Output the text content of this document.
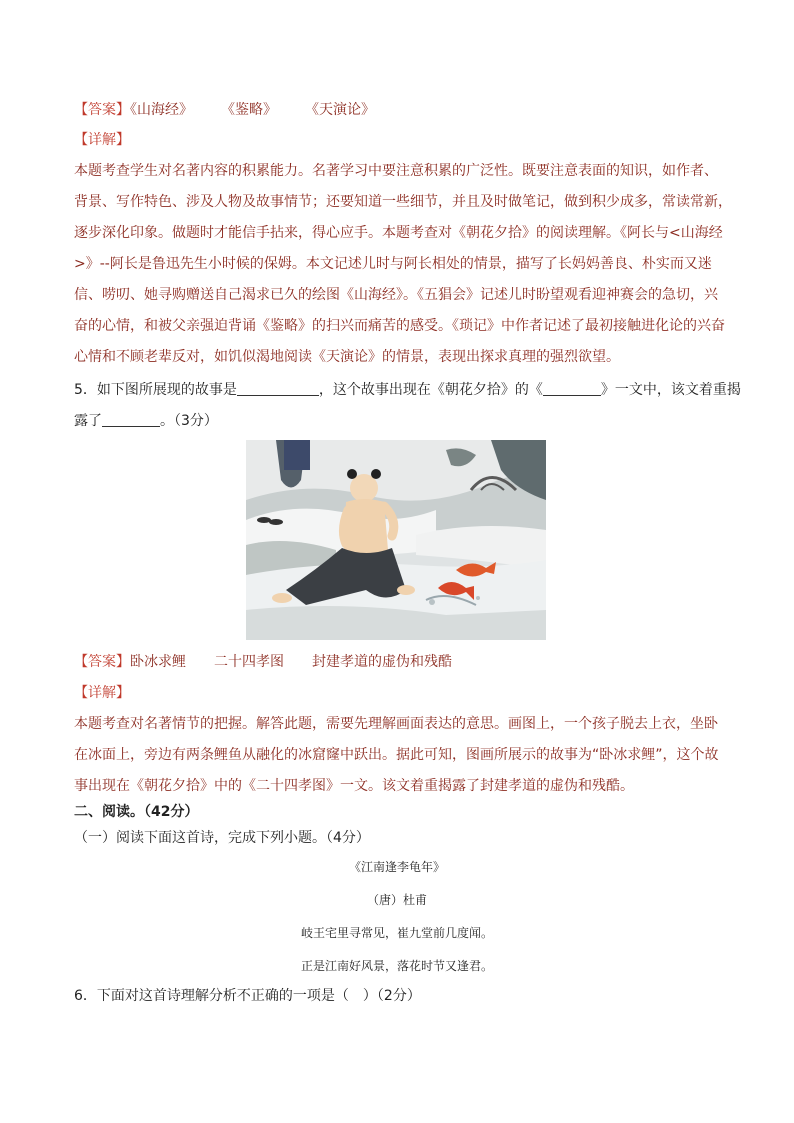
【答案】《山海经》 《鉴略》 《天演论》
【详解】
本题考查学生对名著内容的积累能力。名著学习中要注意积累的广泛性。既要注意表面的知识，如作者、
背景、写作特色、涉及人物及故事情节；还要知道一些细节，并且及时做笔记，做到积少成多，常读常新，
逐步深化印象。做题时才能信手拈来，得心应手。本题考查对《朝花夕拾》的阅读理解。《阿长与<山海经
>》--阿长是鲁迅先生小时候的保姆。本文记述儿时与阿长相处的情景，描写了长妈妈善良、朴实而又迷
信、唠叨、她寻购赠送自己渴求已久的绘图《山海经》。《五猖会》记述儿时盼望观看迎神赛会的急切，兴
奋的心情，和被父亲强迫背诵《鉴略》的扫兴而痛苦的感受。《琐记》中作者记述了最初接触进化论的兴奋
心情和不顾老辈反对，如饥似渴地阅读《天演论》的情景，表现出探求真理的强烈欲望。
5．如下图所展现的故事是	，这个故事出现在《朝花夕拾》的《	》一文中，该文着重揭
露了	。（3分）
【答案】卧冰求鲤 二十四孝图 封建孝道的虚伪和残酷
【详解】
本题考查对名著情节的把握。解答此题，需要先理解画面表达的意思。画图上，一个孩子脱去上衣，坐卧
在冰面上，旁边有两条鲤鱼从融化的冰窟窿中跃出。据此可知，图画所展示的故事为“卧冰求鲤”，这个故
事出现在《朝花夕拾》中的《二十四孝图》一文。该文着重揭露了封建孝道的虚伪和残酷。
二、阅读。（42分）
（一）阅读下面这首诗，完成下列小题。（4分）
《江南逢李龟年》
（唐）杜甫
岐王宅里寻常见，崔九堂前几度闻。
正是江南好风景，落花时节又逢君。
6．下面对这首诗理解分析不正确的一项是（　）（2分）
